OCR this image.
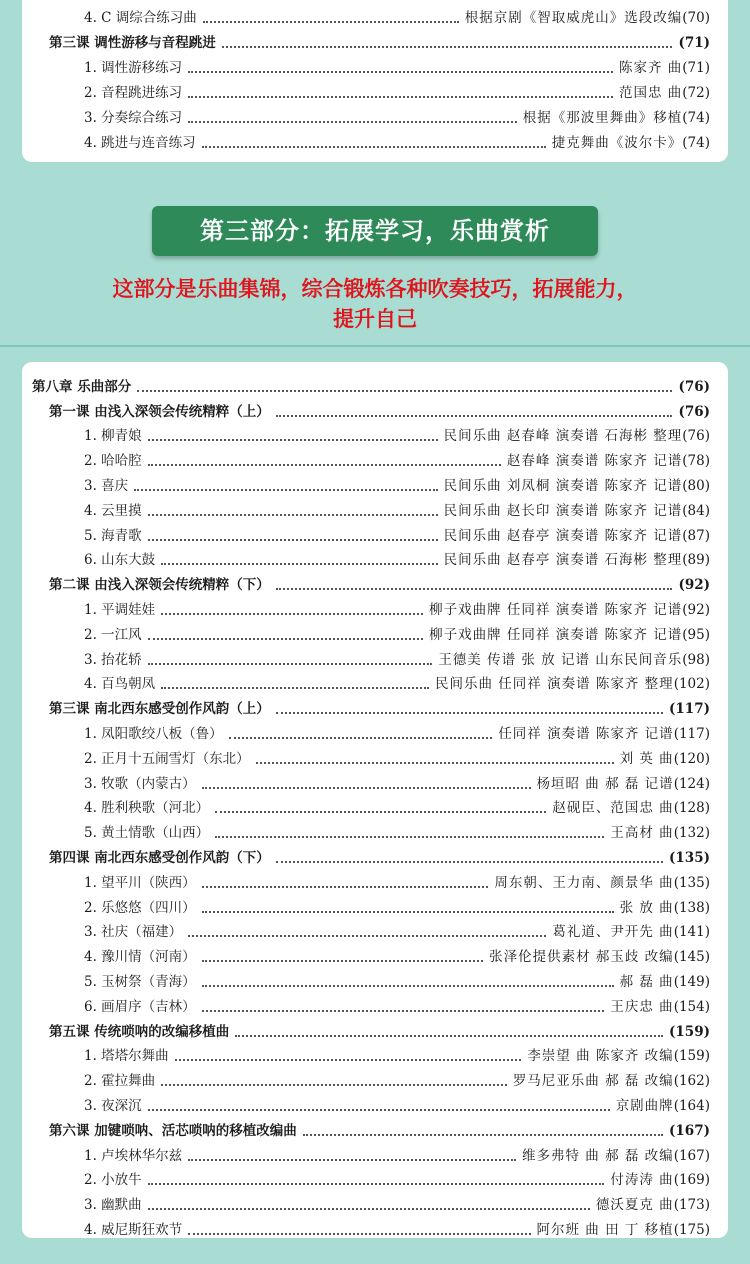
4. C 调综合练习曲	根据京剧《智取威虎山》选段改编 (70)
第三课 调性游移与音程跳进	(71)
1. 调性游移练习	陈家齐 曲 (71)
2. 音程跳进练习	范国忠 曲 (72)
3. 分奏综合练习	根据《那波里舞曲》移植 (74)
4. 跳进与连音练习	捷克舞曲《波尔卡》 (74)
第三部分：拓展学习，乐曲赏析
这部分是乐曲集锦，综合锻炼各种吹奏技巧，拓展能力，
提升自己
第八章 乐曲部分	(76)
第一课 由浅入深领会传统精粹（上）	(76)
1. 柳青娘	民间乐曲 赵春峰 演奏谱 石海彬 整理 (76)
2. 哈哈腔	赵春峰 演奏谱 陈家齐 记谱 (78)
3. 喜庆	民间乐曲 刘凤桐 演奏谱 陈家齐 记谱 (80)
4. 云里摸	民间乐曲 赵长印 演奏谱 陈家齐 记谱 (84)
5. 海青歌	民间乐曲 赵春亭 演奏谱 陈家齐 记谱 (87)
6. 山东大鼓	民间乐曲 赵春亭 演奏谱 石海彬 整理 (89)
第二课 由浅入深领会传统精粹（下）	(92)
1. 平调娃娃	柳子戏曲牌 任同祥 演奏谱 陈家齐 记谱 (92)
2. 一江风	柳子戏曲牌 任同祥 演奏谱 陈家齐 记谱 (95)
3. 抬花轿	王德美 传谱 张 放 记谱 山东民间音乐 (98)
4. 百鸟朝凤	民间乐曲 任同祥 演奏谱 陈家齐 整理 (102)
第三课 南北西东感受创作风韵（上）	(117)
1. 凤阳歌绞八板（鲁）	任同祥 演奏谱 陈家齐 记谱 (117)
2. 正月十五闹雪灯（东北）	刘 英 曲 (120)
3. 牧歌（内蒙古）	杨垣昭 曲 郝 磊 记谱 (124)
4. 胜利秧歌（河北）	赵砚臣、范国忠 曲 (128)
5. 黄土情歌（山西）	王高材 曲 (132)
第四课 南北西东感受创作风韵（下）	(135)
1. 望平川（陕西）	周东朝、王力南、颜景华 曲 (135)
2. 乐悠悠（四川）	张 放 曲 (138)
3. 社庆（福建）	葛礼道、尹开先 曲 (141)
4. 豫川情（河南）	张泽伦提供素材 郝玉歧 改编 (145)
5. 玉树祭（青海）	郝 磊 曲 (149)
6. 画眉序（吉林）	王庆忠 曲 (154)
第五课 传统唢呐的改编移植曲	(159)
1. 塔塔尔舞曲	李崇望 曲 陈家齐 改编 (159)
2. 霍拉舞曲	罗马尼亚乐曲 郝 磊 改编 (162)
3. 夜深沉	京剧曲牌 (164)
第六课 加键唢呐、活芯唢呐的移植改编曲	(167)
1. 卢埃林华尔兹	维多弗特 曲 郝 磊 改编 (167)
2. 小放牛	付涛涛 曲 (169)
3. 幽默曲	德沃夏克 曲 (173)
4. 威尼斯狂欢节	阿尔班 曲 田 丁 移植 (175)
